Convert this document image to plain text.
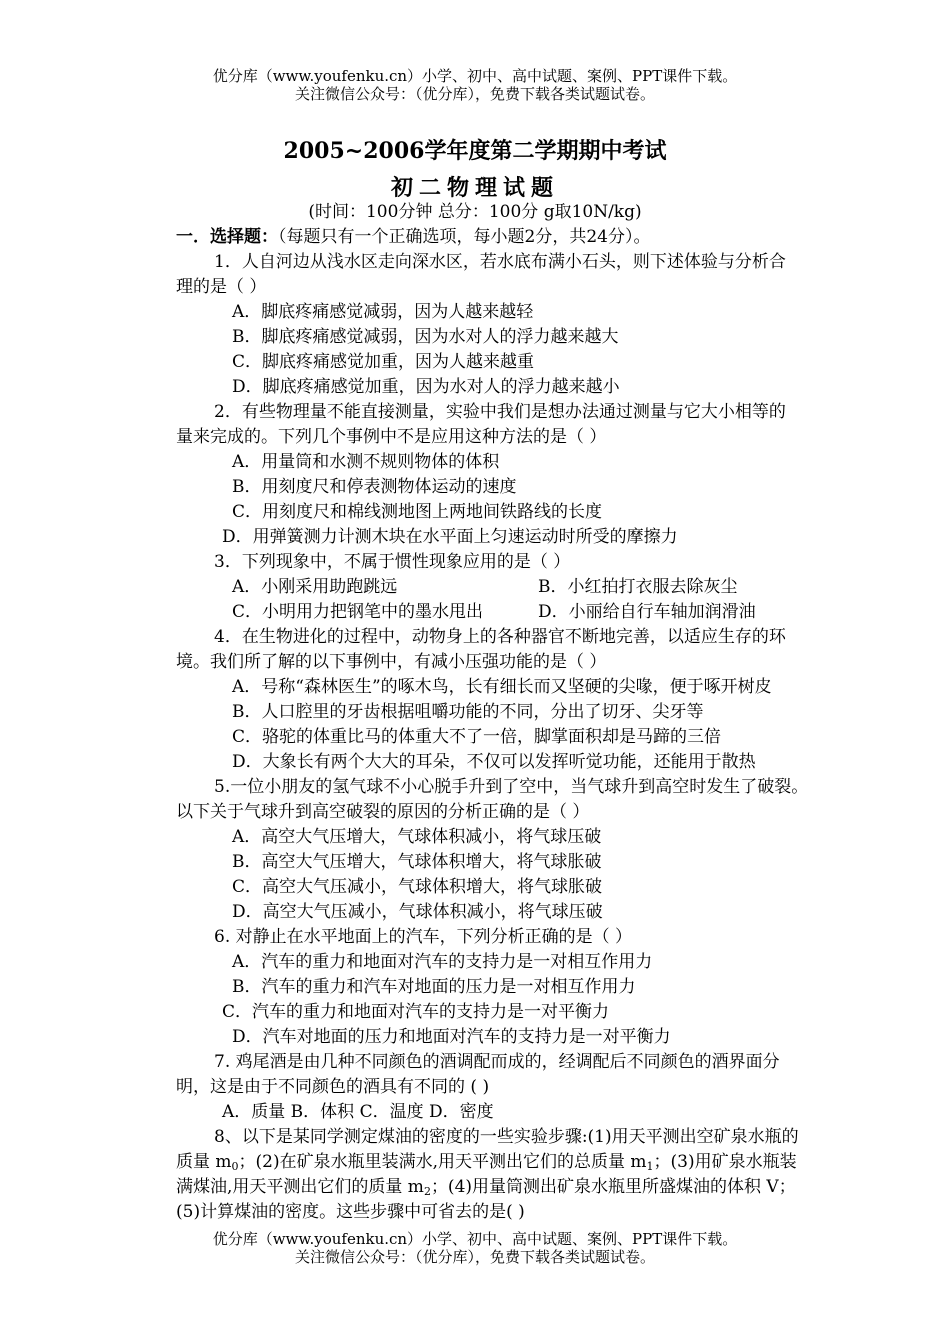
优分库（www.youfenku.cn）小学、初中、高中试题、案例、PPT课件下载。
关注微信公众号：（优分库），免费下载各类试题试卷。
2005~2006学年度第二学期期中考试
初二物理试题
(时间：100分钟 总分：100分 g取10N/kg)
一．选择题：（每题只有一个正确选项，每小题2分，共24分）。
1．人自河边从浅水区走向深水区，若水底布满小石头，则下述体验与分析合
理的是（ ）
A．脚底疼痛感觉减弱，因为人越来越轻
B．脚底疼痛感觉减弱，因为水对人的浮力越来越大
C．脚底疼痛感觉加重，因为人越来越重
D．脚底疼痛感觉加重，因为水对人的浮力越来越小
2．有些物理量不能直接测量，实验中我们是想办法通过测量与它大小相等的
量来完成的。下列几个事例中不是应用这种方法的是（ ）
A．用量筒和水测不规则物体的体积
B．用刻度尺和停表测物体运动的速度
C．用刻度尺和棉线测地图上两地间铁路线的长度
D．用弹簧测力计测木块在水平面上匀速运动时所受的摩擦力
3．下列现象中，不属于惯性现象应用的是（ ）
A．小刚采用助跑跳远	B．小红拍打衣服去除灰尘
C．小明用力把钢笔中的墨水甩出	D．小丽给自行车轴加润滑油
4．在生物进化的过程中，动物身上的各种器官不断地完善，以适应生存的环
境。我们所了解的以下事例中，有减小压强功能的是（ ）
A．号称“森林医生”的啄木鸟，长有细长而又坚硬的尖喙，便于啄开树皮
B．人口腔里的牙齿根据咀嚼功能的不同，分出了切牙、尖牙等
C．骆驼的体重比马的体重大不了一倍，脚掌面积却是马蹄的三倍
D．大象长有两个大大的耳朵，不仅可以发挥听觉功能，还能用于散热
5.一位小朋友的氢气球不小心脱手升到了空中，当气球升到高空时发生了破裂。
以下关于气球升到高空破裂的原因的分析正确的是（ ）
A．高空大气压增大，气球体积减小，将气球压破
B．高空大气压增大，气球体积增大，将气球胀破
C．高空大气压减小，气球体积增大，将气球胀破
D．高空大气压减小，气球体积减小，将气球压破
6. 对静止在水平地面上的汽车，下列分析正确的是（ ）
A．汽车的重力和地面对汽车的支持力是一对相互作用力
B．汽车的重力和汽车对地面的压力是一对相互作用力
C．汽车的重力和地面对汽车的支持力是一对平衡力
D．汽车对地面的压力和地面对汽车的支持力是一对平衡力
7. 鸡尾酒是由几种不同颜色的酒调配而成的，经调配后不同颜色的酒界面分
明，这是由于不同颜色的酒具有不同的 ( )
A．质量 B．体积 C．温度 D．密度
8、以下是某同学测定煤油的密度的一些实验步骤:(1)用天平测出空矿泉水瓶的
质量 $m_0$；(2)在矿泉水瓶里装满水,用天平测出它们的总质量 $m_1$；(3)用矿泉水瓶装
满煤油,用天平测出它们的质量 $m_2$；(4)用量筒测出矿泉水瓶里所盛煤油的体积 V；
(5)计算煤油的密度。这些步骤中可省去的是( )
优分库（www.youfenku.cn）小学、初中、高中试题、案例、PPT课件下载。
关注微信公众号：（优分库），免费下载各类试题试卷。
